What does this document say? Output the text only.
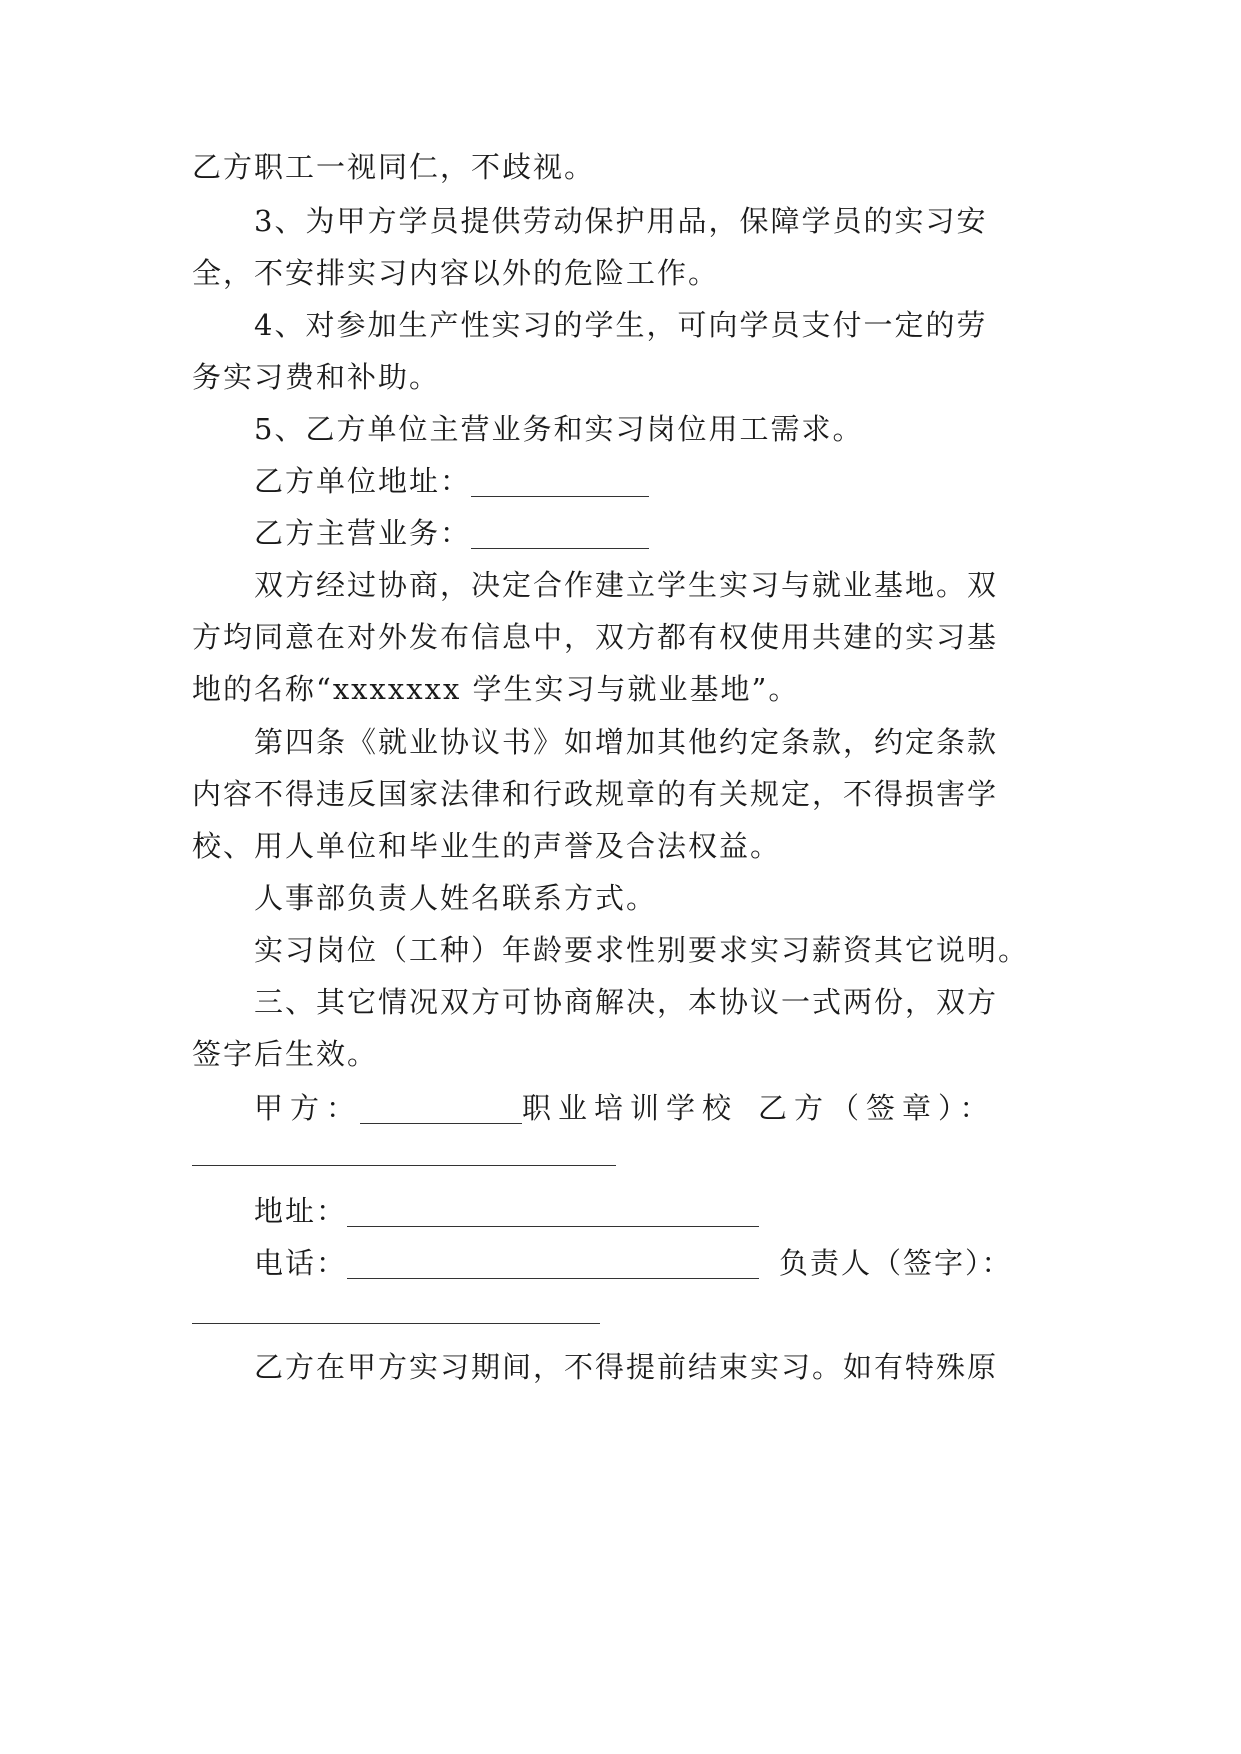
乙方职工一视同仁，不歧视。
3、为甲方学员提供劳动保护用品，保障学员的实习安
全，不安排实习内容以外的危险工作。
4、对参加生产性实习的学生，可向学员支付一定的劳
务实习费和补助。
5、乙方单位主营业务和实习岗位用工需求。
乙方单位地址：
乙方主营业务：
双方经过协商，决定合作建立学生实习与就业基地。双
方均同意在对外发布信息中，双方都有权使用共建的实习基
地的名称“xxxxxxx 学生实习与就业基地”。
第四条《就业协议书》如增加其他约定条款，约定条款
内容不得违反国家法律和行政规章的有关规定，不得损害学
校、用人单位和毕业生的声誉及合法权益。
人事部负责人姓名联系方式。
实习岗位（工种）年龄要求性别要求实习薪资其它说明。
三、其它情况双方可协商解决，本协议一式两份，双方
签字后生效。
甲方：	职业培训学校 乙方（签章）：
地址：
电话：	负责人（签字）：
乙方在甲方实习期间，不得提前结束实习。如有特殊原
